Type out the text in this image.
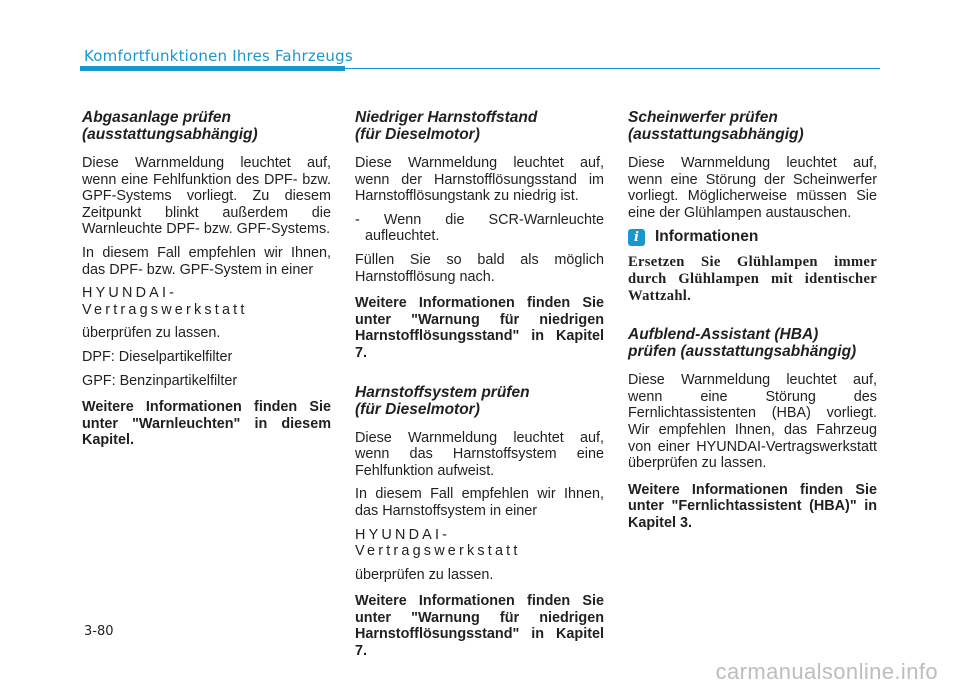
Komfortfunktionen Ihres Fahrzeugs
Abgasanlage prüfen
(ausstattungsabhängig)

Diese Warnmeldung leuchtet auf, wenn eine Fehlfunktion des DPF- bzw. GPF-Systems vorliegt. Zu diesem Zeitpunkt blinkt außerdem die Warnleuchte DPF- bzw. GPF-Systems.

In diesem Fall empfehlen wir Ihnen, das DPF- bzw. GPF-System in einer

HYUNDAI-Vertragswerkstatt

überprüfen zu lassen.

DPF: Dieselpartikelfilter

GPF: Benzinpartikelfilter

Weitere Informationen finden Sie unter "Warnleuchten" in diesem Kapitel.

Niedriger Harnstoffstand
(für Dieselmotor)

Diese Warnmeldung leuchtet auf, wenn der Harnstofflösungsstand im Harnstofflösungstank zu niedrig ist.

- Wenn die SCR-Warnleuchte aufleuchtet.

Füllen Sie so bald als möglich Harnstofflösung nach.

Weitere Informationen finden Sie unter "Warnung für niedrigen Harnstofflösungsstand" in Kapitel 7.

Harnstoffsystem prüfen
(für Dieselmotor)

Diese Warnmeldung leuchtet auf, wenn das Harnstoffsystem eine Fehlfunktion aufweist.

In diesem Fall empfehlen wir Ihnen, das Harnstoffsystem in einer

HYUNDAI-Vertragswerkstatt

überprüfen zu lassen.

Weitere Informationen finden Sie unter "Warnung für niedrigen Harnstofflösungsstand" in Kapitel 7.

Scheinwerfer prüfen
(ausstattungsabhängig)

Diese Warnmeldung leuchtet auf, wenn eine Störung der Scheinwerfer vorliegt. Möglicherweise müssen Sie eine der Glühlampen austauschen.

i	Informationen

Ersetzen Sie Glühlampen immer durch Glühlampen mit identischer Wattzahl.

Aufblend-Assistant (HBA)
prüfen (ausstattungsabhängig)

Diese Warnmeldung leuchtet auf, wenn eine Störung des Fernlichtassistenten (HBA) vorliegt. Wir empfehlen Ihnen, das Fahrzeug von einer HYUNDAI-Vertragswerkstatt überprüfen zu lassen.

Weitere Informationen finden Sie unter "Fernlichtassistent (HBA)" in Kapitel 3.

3-80
carmanualsonline.info
